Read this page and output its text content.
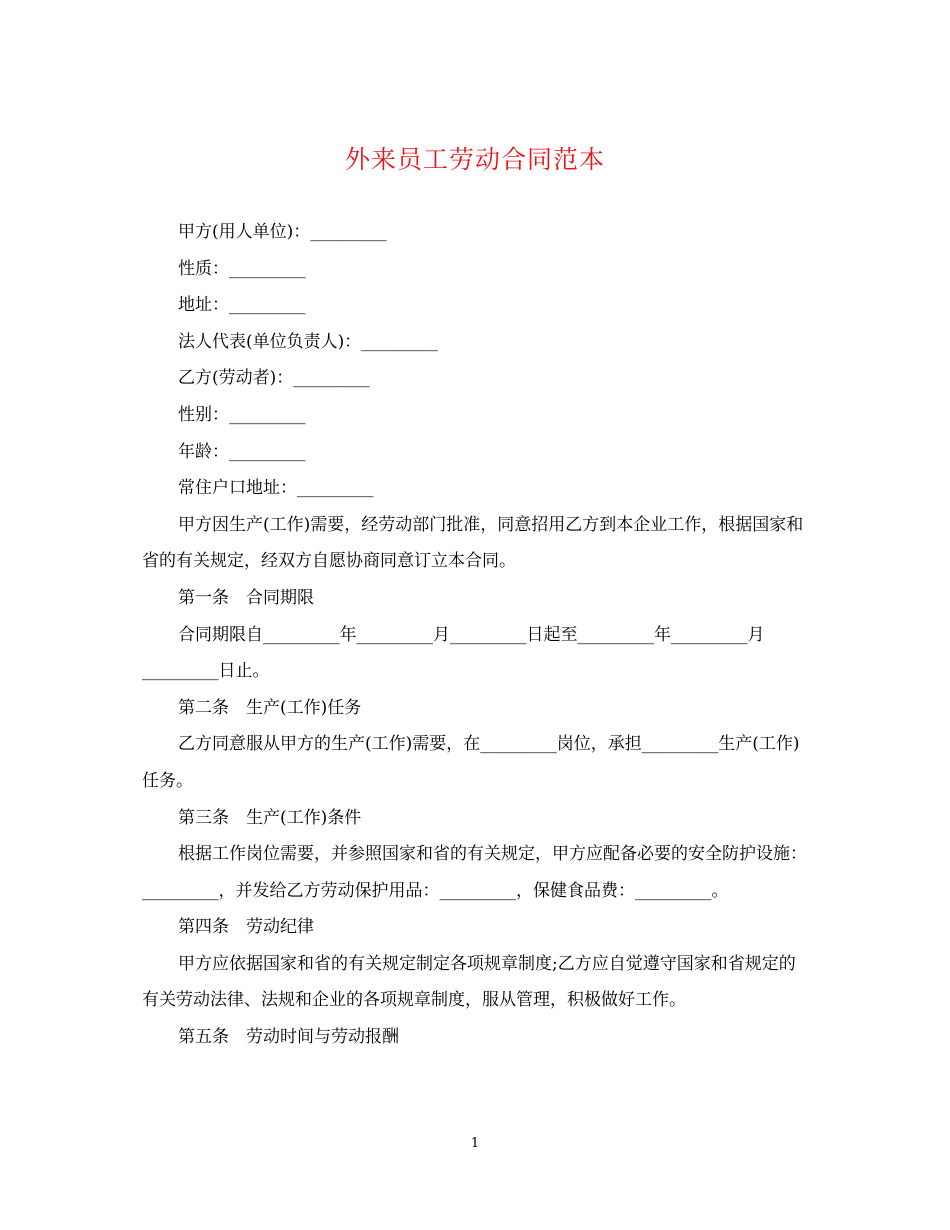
外来员工劳动合同范本

甲方(用人单位)：_________

性质：_________

地址：_________

法人代表(单位负责人)：_________

乙方(劳动者)：_________

性别：_________

年龄：_________

常住户口地址：_________

甲方因生产(工作)需要，经劳动部门批准，同意招用乙方到本企业工作，根据国家和省的有关规定，经双方自愿协商同意订立本合同。

第一条　合同期限

合同期限自_________年_________月_________日起至_________年_________月_________日止。

第二条　生产(工作)任务

乙方同意服从甲方的生产(工作)需要，在_________岗位，承担_________生产(工作)任务。

第三条　生产(工作)条件

根据工作岗位需要，并参照国家和省的有关规定，甲方应配备必要的安全防护设施：_________，并发给乙方劳动保护用品：_________，保健食品费：_________。

第四条　劳动纪律

甲方应依据国家和省的有关规定制定各项规章制度;乙方应自觉遵守国家和省规定的有关劳动法律、法规和企业的各项规章制度，服从管理，积极做好工作。

第五条　劳动时间与劳动报酬

1
